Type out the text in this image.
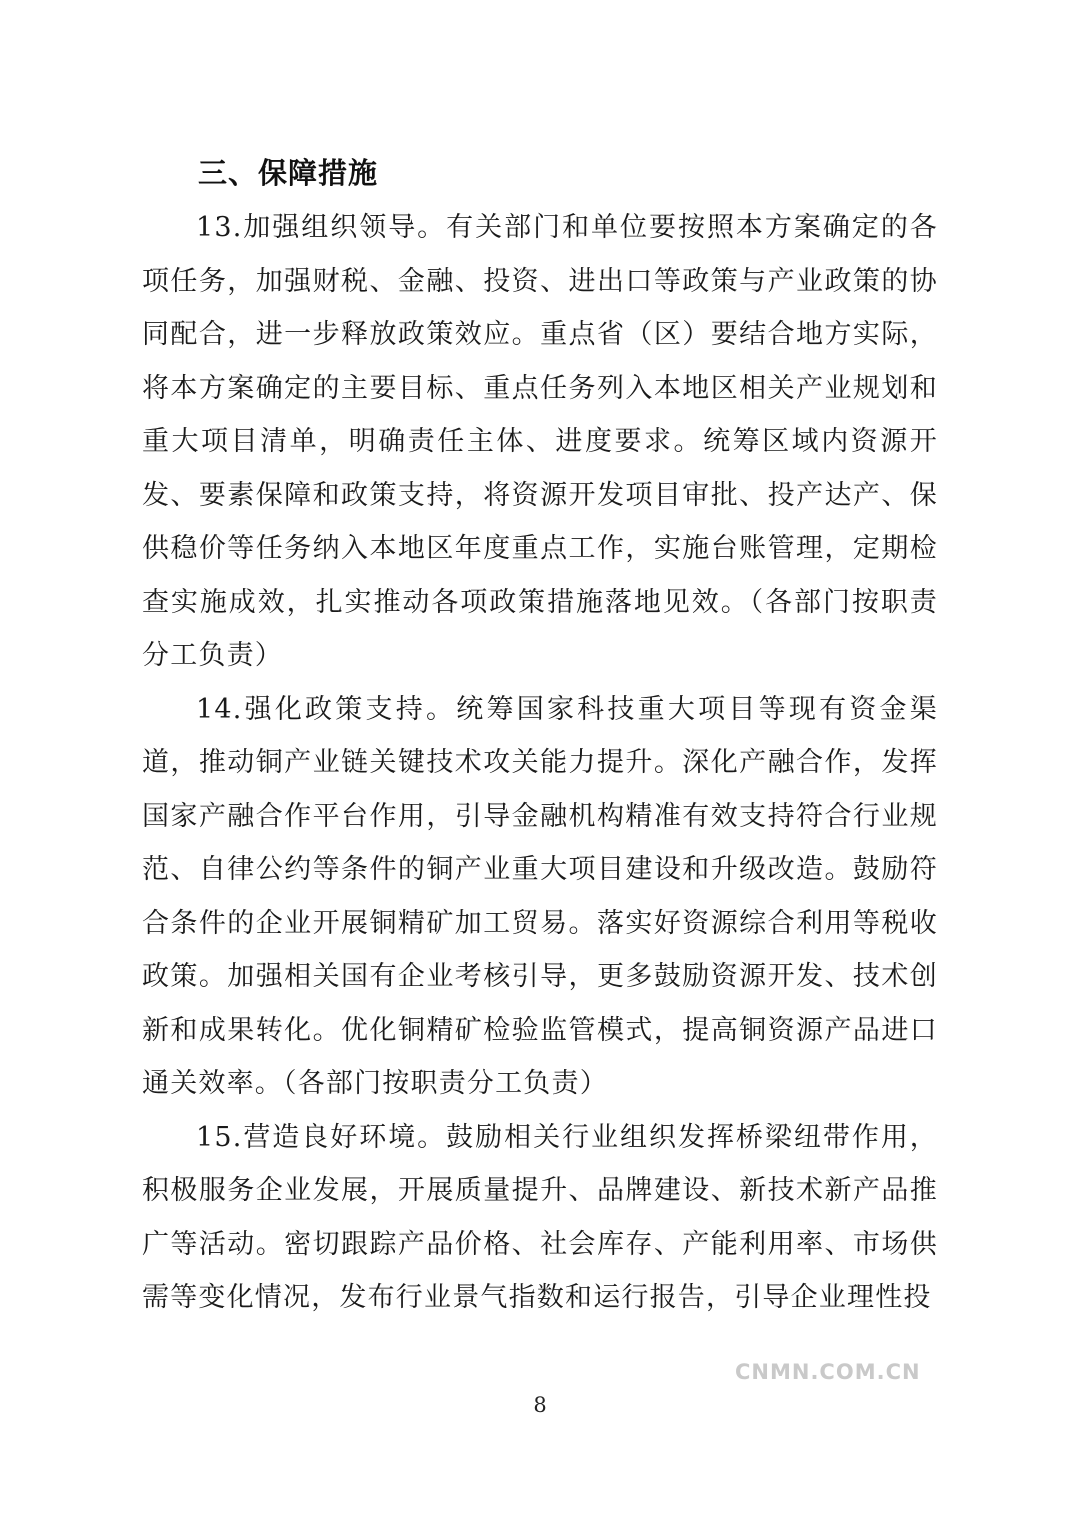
三、保障措施

13.加强组织领导。有关部门和单位要按照本方案确定的各项任务，加强财税、金融、投资、进出口等政策与产业政策的协同配合，进一步释放政策效应。重点省（区）要结合地方实际，将本方案确定的主要目标、重点任务列入本地区相关产业规划和重大项目清单，明确责任主体、进度要求。统筹区域内资源开发、要素保障和政策支持，将资源开发项目审批、投产达产、保供稳价等任务纳入本地区年度重点工作，实施台账管理，定期检查实施成效，扎实推动各项政策措施落地见效。（各部门按职责分工负责）

14.强化政策支持。统筹国家科技重大项目等现有资金渠道，推动铜产业链关键技术攻关能力提升。深化产融合作，发挥国家产融合作平台作用，引导金融机构精准有效支持符合行业规范、自律公约等条件的铜产业重大项目建设和升级改造。鼓励符合条件的企业开展铜精矿加工贸易。落实好资源综合利用等税收政策。加强相关国有企业考核引导，更多鼓励资源开发、技术创新和成果转化。优化铜精矿检验监管模式，提高铜资源产品进口通关效率。（各部门按职责分工负责）

15.营造良好环境。鼓励相关行业组织发挥桥梁纽带作用，积极服务企业发展，开展质量提升、品牌建设、新技术新产品推广等活动。密切跟踪产品价格、社会库存、产能利用率、市场供需等变化情况，发布行业景气指数和运行报告，引导企业理性投

CNMN.COM.CN
8
